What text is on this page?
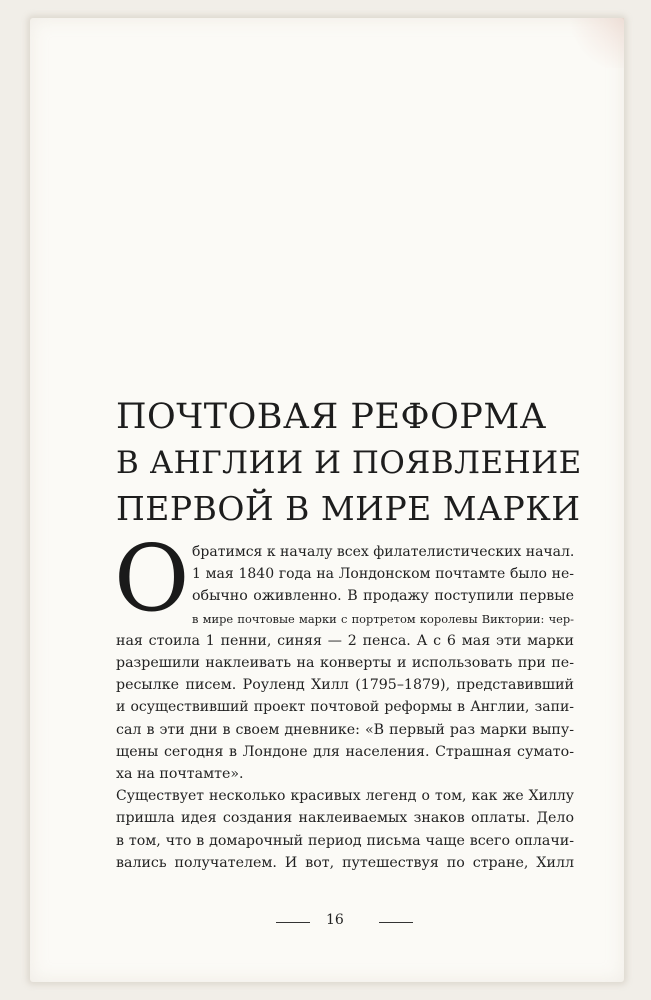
ПОЧТОВАЯ РЕФОРМА
В АНГЛИИ И ПОЯВЛЕНИЕ
ПЕРВОЙ В МИРЕ МАРКИ
О братимся к началу всех филателистических начал.
1 мая 1840 года на Лондонском почтамте было не-
обычно оживленно. В продажу поступили первые
в мире почтовые марки с портретом королевы Виктории: чер-
ная стоила 1 пенни, синяя — 2 пенса. А с 6 мая эти марки
разрешили наклеивать на конверты и использовать при пе-
ресылке писем. Роуленд Хилл (1795–1879), представивший
и осуществивший проект почтовой реформы в Англии, запи-
сал в эти дни в своем дневнике: «В первый раз марки выпу-
щены сегодня в Лондоне для населения. Страшная сумато-
ха на почтамте».
Существует несколько красивых легенд о том, как же Хиллу
пришла идея создания наклеиваемых знаков оплаты. Дело
в том, что в домарочный период письма чаще всего оплачи-
вались получателем. И вот, путешествуя по стране, Хилл
16
